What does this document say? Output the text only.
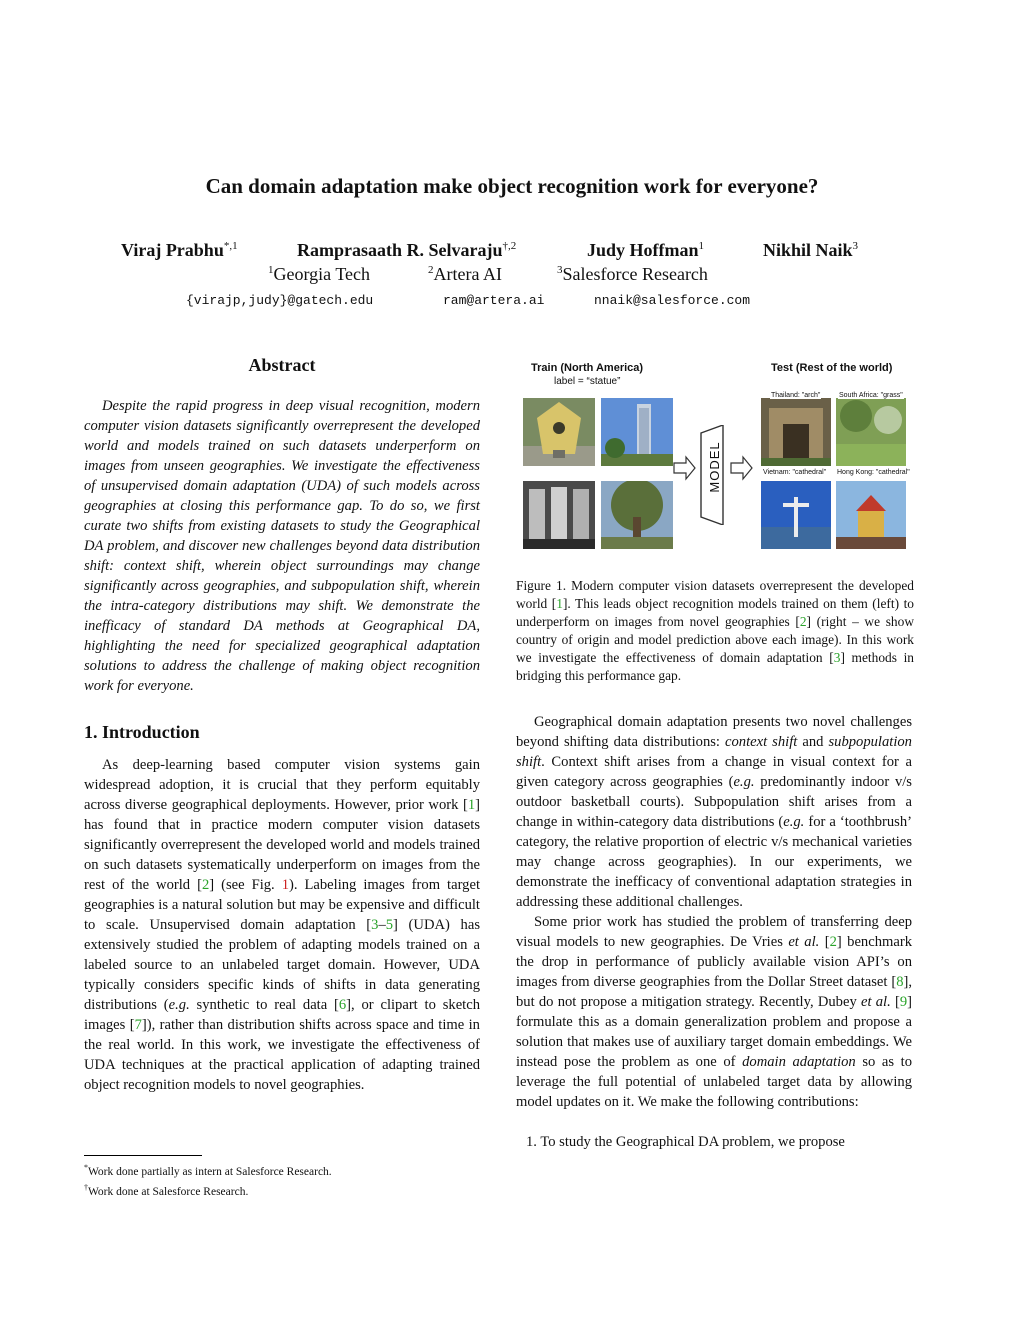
Can domain adaptation make object recognition work for everyone?
Viraj Prabhu$^{*,1}$	Ramprasaath R. Selvaraju$^{\dagger,2}$	Judy Hoffman$^1$	Nikhil Naik$^3$
$^1$Georgia Tech	$^2$Artera AI	$^3$Salesforce Research
{virajp,judy}@gatech.edu	ram@artera.ai	nnaik@salesforce.com
Abstract

Despite the rapid progress in deep visual recognition, modern computer vision datasets significantly overrepresent the developed world and models trained on such datasets underperform on images from unseen geographies. We investigate the effectiveness of unsupervised domain adaptation (UDA) of such models across geographies at closing this performance gap. To do so, we first curate two shifts from existing datasets to study the Geographical DA problem, and discover new challenges beyond data distribution shift: context shift, wherein object surroundings may change significantly across geographies, and subpopulation shift, wherein the intra-category distributions may shift. We demonstrate the inefficacy of standard DA methods at Geographical DA, highlighting the need for specialized geographical adaptation solutions to address the challenge of making object recognition work for everyone.

1. Introduction

As deep-learning based computer vision systems gain widespread adoption, it is crucial that they perform equitably across diverse geographical deployments. However, prior work [1] has found that in practice modern computer vision datasets significantly overrepresent the developed world and models trained on such datasets systematically underperform on images from the rest of the world [2] (see Fig. 1). Labeling images from target geographies is a natural solution but may be expensive and difficult to scale. Unsupervised domain adaptation [3–5] (UDA) has extensively studied the problem of adapting models trained on a labeled source to an unlabeled target domain. However, UDA typically considers specific kinds of shifts in data generating distributions (e.g. synthetic to real data [6], or clipart to sketch images [7]), rather than distribution shifts across space and time in the real world. In this work, we investigate the effectiveness of UDA techniques at the practical application of adapting trained object recognition models to novel geographies.

*Work done partially as intern at Salesforce Research.
†Work done at Salesforce Research.
Train (North America)
label = “statue”
Test (Rest of the world)
MODEL
Thailand: "arch"	South Africa: "grass"
Vietnam: "cathedral" Hong Kong: "cathedral"
Figure 1. Modern computer vision datasets overrepresent the developed world [1]. This leads object recognition models trained on them (left) to underperform on images from novel geographies [2] (right – we show country of origin and model prediction above each image). In this work we investigate the effectiveness of domain adaptation [3] methods in bridging this performance gap.

Geographical domain adaptation presents two novel challenges beyond shifting data distributions: context shift and subpopulation shift. Context shift arises from a change in visual context for a given category across geographies (e.g. predominantly indoor v/s outdoor basketball courts). Subpopulation shift arises from a change in within-category data distributions (e.g. for a ‘toothbrush’ category, the relative proportion of electric v/s mechanical varieties may change across geographies). In our experiments, we demonstrate the inefficacy of conventional adaptation strategies in addressing these additional challenges.

Some prior work has studied the problem of transferring deep visual models to new geographies. De Vries et al. [2] benchmark the drop in performance of publicly available vision API’s on images from diverse geographies from the Dollar Street dataset [8], but do not propose a mitigation strategy. Recently, Dubey et al. [9] formulate this as a domain generalization problem and propose a solution that makes use of auxiliary target domain embeddings. We instead pose the problem as one of domain adaptation so as to leverage the full potential of unlabeled target data by allowing model updates on it. We make the following contributions:

1. To study the Geographical DA problem, we propose
